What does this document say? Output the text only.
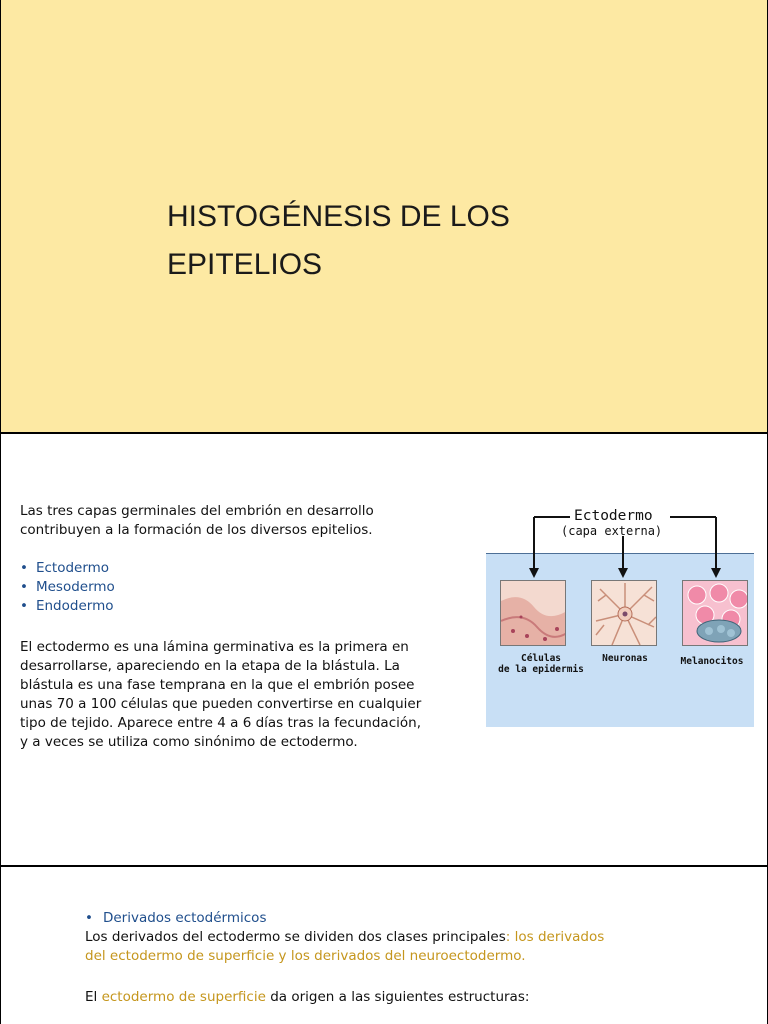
HISTOGÉNESIS DE LOS
EPITELIOS
Las tres capas germinales del embrión en desarrollo
contribuyen a la formación de los diversos epitelios.
• Ectodermo
• Mesodermo
• Endodermo
El ectodermo es una lámina germinativa es la primera en
desarrollarse, apareciendo en la etapa de la blástula. La
blástula es una fase temprana en la que el embrión posee
unas 70 a 100 células que pueden convertirse en cualquier
tipo de tejido. Aparece entre 4 a 6 días tras la fecundación,
y a veces se utiliza como sinónimo de ectodermo.
Ectodermo
(capa externa)
Células
de la epidermis
Neuronas	Melanocitos
• Derivados ectodérmicos
Los derivados del ectodermo se dividen dos clases principales: los derivados
del ectodermo de superficie y los derivados del neuroectodermo.
El ectodermo de superficie da origen a las siguientes estructuras:
